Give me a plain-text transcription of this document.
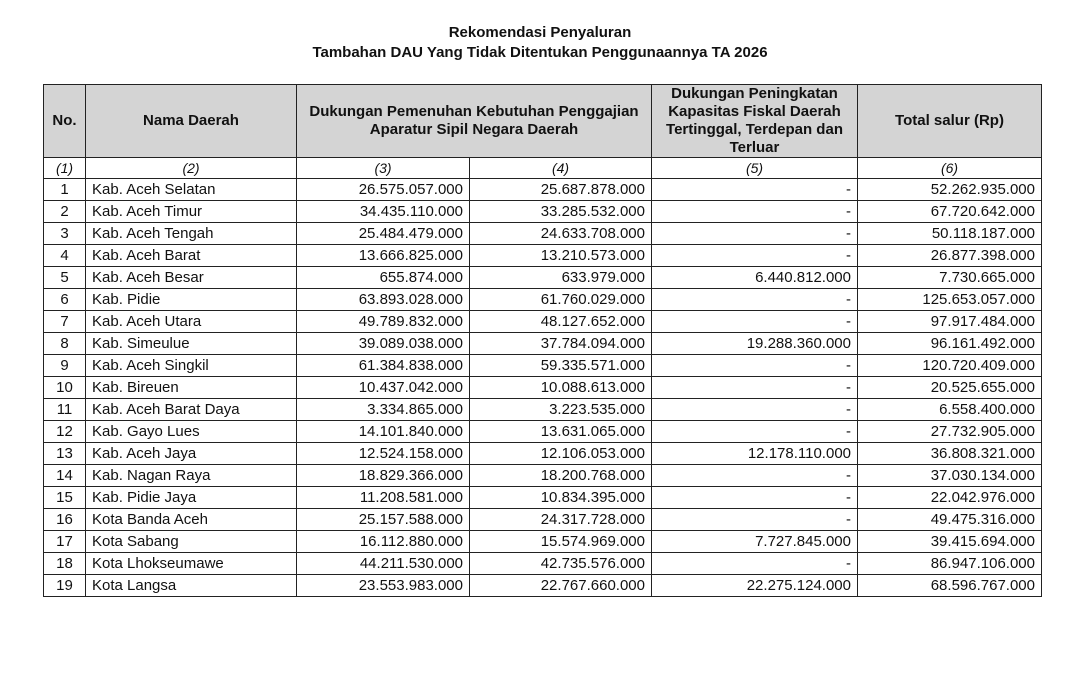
Rekomendasi Penyaluran
Tambahan DAU Yang Tidak Ditentukan Penggunaannya TA 2026
No.	Nama Daerah	Dukungan Pemenuhan Kebutuhan Penggajian Aparatur Sipil Negara Daerah		Dukungan Peningkatan Kapasitas Fiskal Daerah Tertinggal, Terdepan dan Terluar	Total salur (Rp)
(1)	(2)	(3)	(4)	(5)	(6)
1	Kab. Aceh Selatan	26.575.057.000	25.687.878.000	-	52.262.935.000
2	Kab. Aceh Timur	34.435.110.000	33.285.532.000	-	67.720.642.000
3	Kab. Aceh Tengah	25.484.479.000	24.633.708.000	-	50.118.187.000
4	Kab. Aceh Barat	13.666.825.000	13.210.573.000	-	26.877.398.000
5	Kab. Aceh Besar	655.874.000	633.979.000	6.440.812.000	7.730.665.000
6	Kab. Pidie	63.893.028.000	61.760.029.000	-	125.653.057.000
7	Kab. Aceh Utara	49.789.832.000	48.127.652.000	-	97.917.484.000
8	Kab. Simeulue	39.089.038.000	37.784.094.000	19.288.360.000	96.161.492.000
9	Kab. Aceh Singkil	61.384.838.000	59.335.571.000	-	120.720.409.000
10	Kab. Bireuen	10.437.042.000	10.088.613.000	-	20.525.655.000
11	Kab. Aceh Barat Daya	3.334.865.000	3.223.535.000	-	6.558.400.000
12	Kab. Gayo Lues	14.101.840.000	13.631.065.000	-	27.732.905.000
13	Kab. Aceh Jaya	12.524.158.000	12.106.053.000	12.178.110.000	36.808.321.000
14	Kab. Nagan Raya	18.829.366.000	18.200.768.000	-	37.030.134.000
15	Kab. Pidie Jaya	11.208.581.000	10.834.395.000	-	22.042.976.000
16	Kota Banda Aceh	25.157.588.000	24.317.728.000	-	49.475.316.000
17	Kota Sabang	16.112.880.000	15.574.969.000	7.727.845.000	39.415.694.000
18	Kota Lhokseumawe	44.211.530.000	42.735.576.000	-	86.947.106.000
19	Kota Langsa	23.553.983.000	22.767.660.000	22.275.124.000	68.596.767.000
